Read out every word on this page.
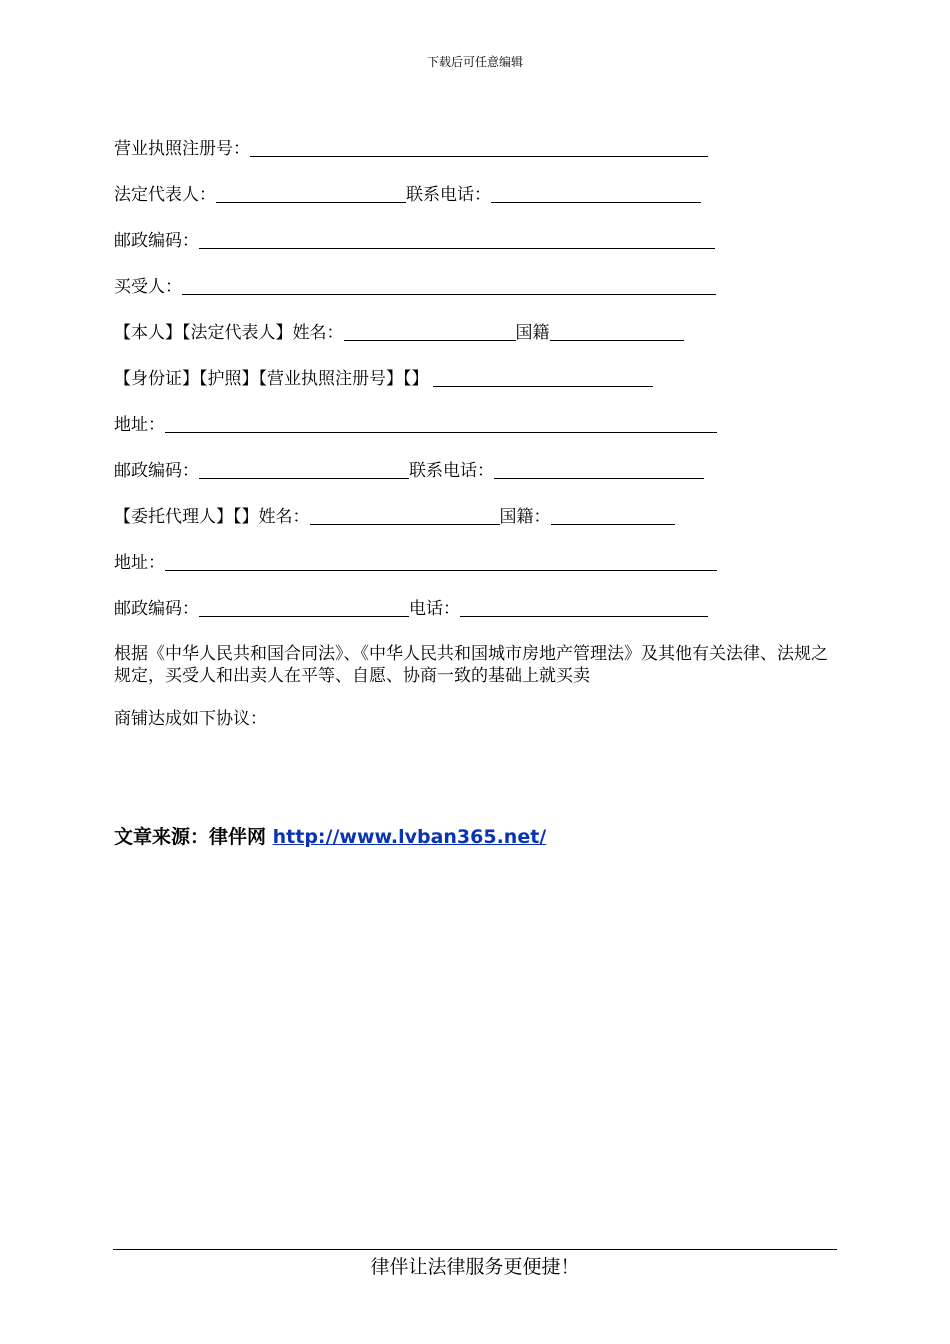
下载后可任意编辑
营业执照注册号：
法定代表人：	联系电话：
邮政编码：
买受人：
【本人】【法定代表人】姓名：	国籍
【身份证】【护照】【营业执照注册号】【】
地址：
邮政编码：	联系电话：
【委托代理人】【】姓名：	国籍：
地址：
邮政编码：	电话：
根据《中华人民共和国合同法》、《中华人民共和国城市房地产管理法》及其他有关法律、法规之规定，买受人和出卖人在平等、自愿、协商一致的基础上就买卖
商铺达成如下协议：
文章来源：律伴网 http://www.lvban365.net/
律伴让法律服务更便捷！
